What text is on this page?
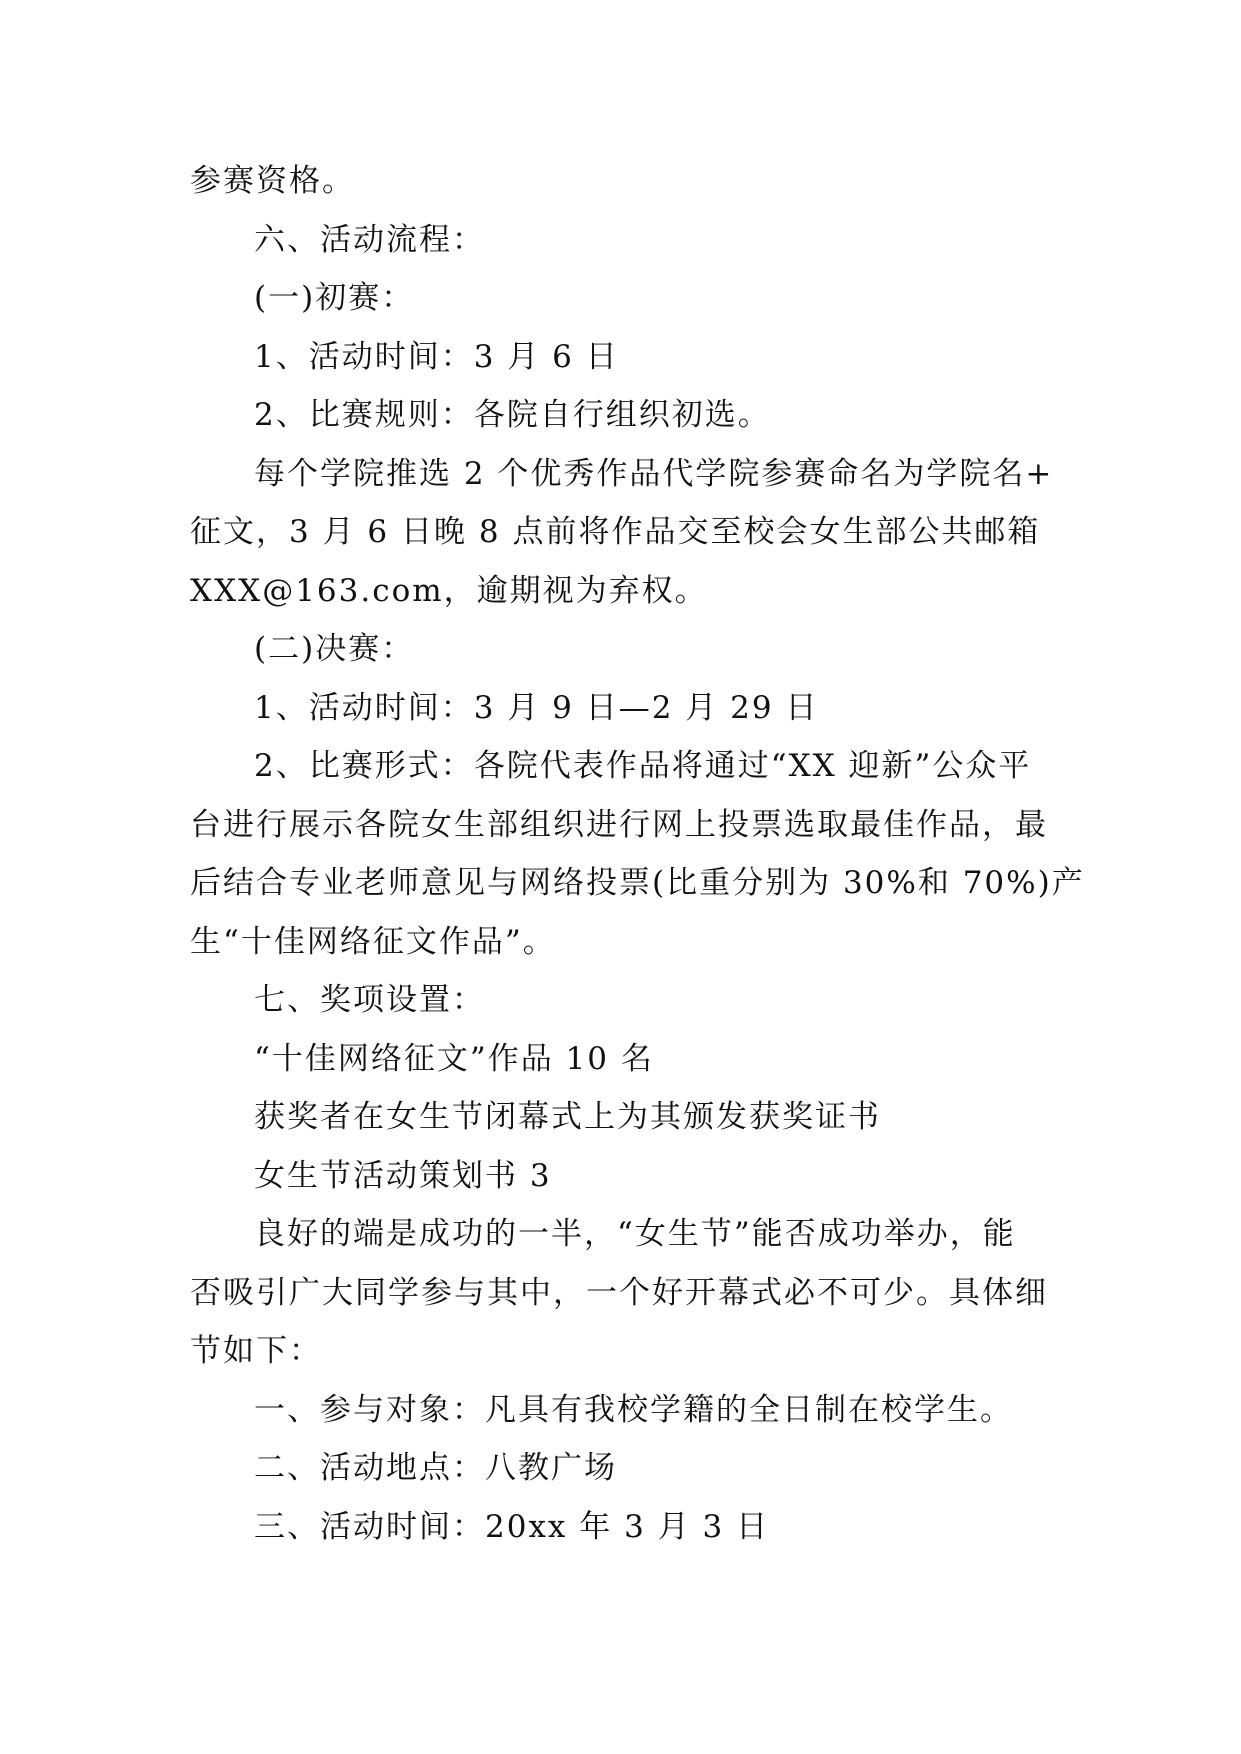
参赛资格。

六、活动流程：

(一)初赛：

1、活动时间：3 月 6 日

2、比赛规则：各院自行组织初选。

每个学院推选 2 个优秀作品代学院参赛命名为学院名+

征文，3 月 6 日晚 8 点前将作品交至校会女生部公共邮箱

XXX@163.com，逾期视为弃权。

(二)决赛：

1、活动时间：3 月 9 日—2 月 29 日

2、比赛形式：各院代表作品将通过“XX 迎新”公众平

台进行展示各院女生部组织进行网上投票选取最佳作品，最

后结合专业老师意见与网络投票(比重分别为 30%和 70%)产

生“十佳网络征文作品”。

七、奖项设置：

“十佳网络征文”作品 10 名

获奖者在女生节闭幕式上为其颁发获奖证书

女生节活动策划书 3

良好的端是成功的一半，“女生节”能否成功举办，能

否吸引广大同学参与其中，一个好开幕式必不可少。具体细

节如下：

一、参与对象：凡具有我校学籍的全日制在校学生。

二、活动地点：八教广场

三、活动时间：20xx 年 3 月 3 日
